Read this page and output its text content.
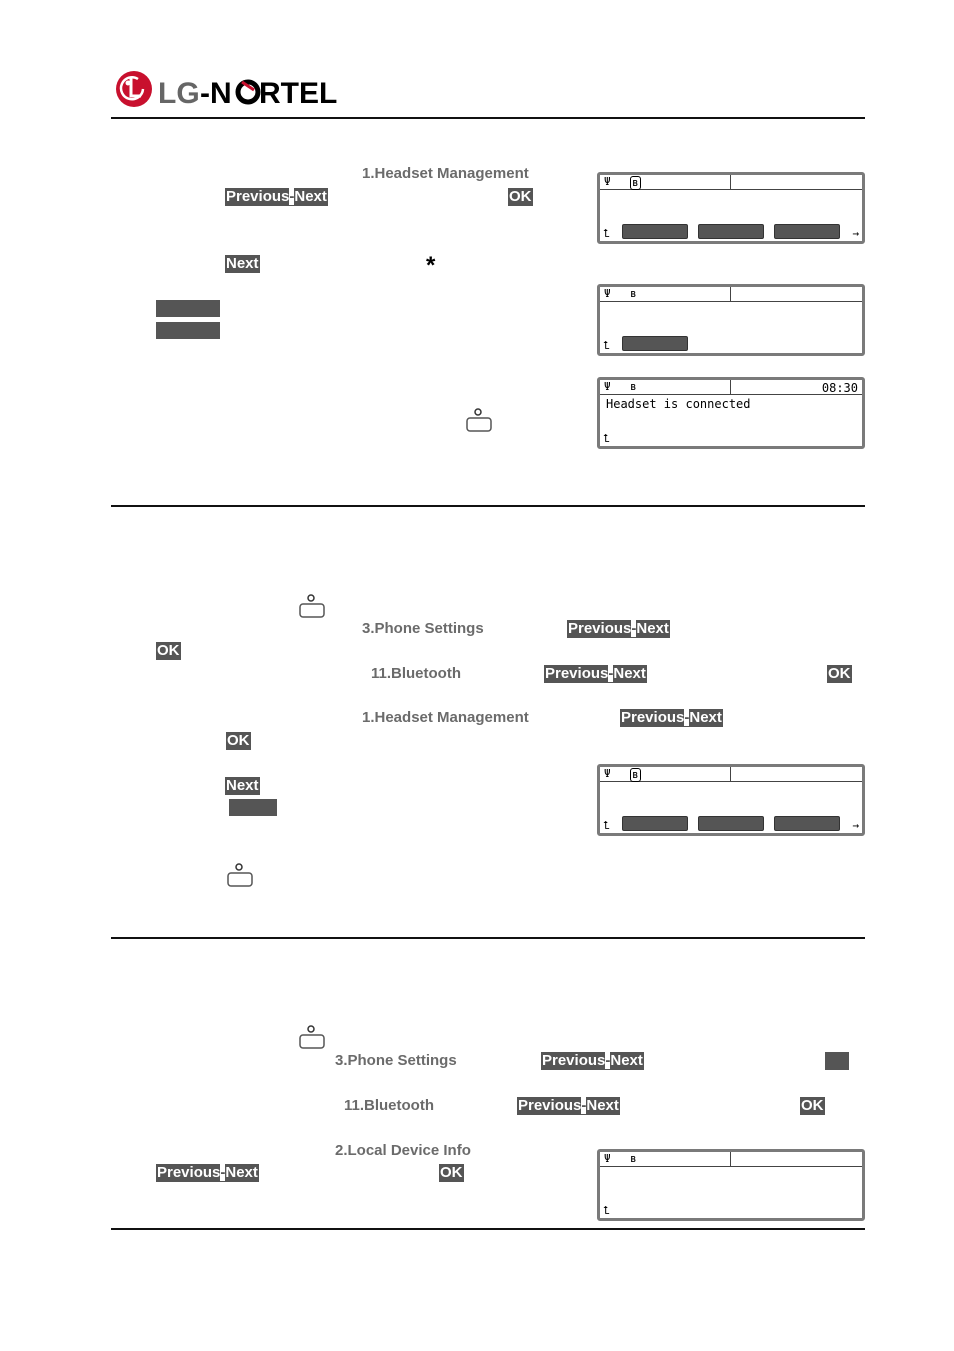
LG -N RTEL
1.Headset Management
Previous-Next	OK
Next	*
Ψ ʙ
⮤	→
Ψ ʙ
⮤
Ψ ʙ	08:30
Headset is connected
⮤
3.Phone Settings	Previous-Next
OK
11.Bluetooth	Previous-Next	OK
1.Headset Management	Previous-Next
OK
Next
Ψ ʙ
⮤	→
3.Phone Settings	Previous-Next
11.Bluetooth	Previous-Next	OK
2.Local Device Info
Previous-Next	OK
Ψ ʙ
⮤
